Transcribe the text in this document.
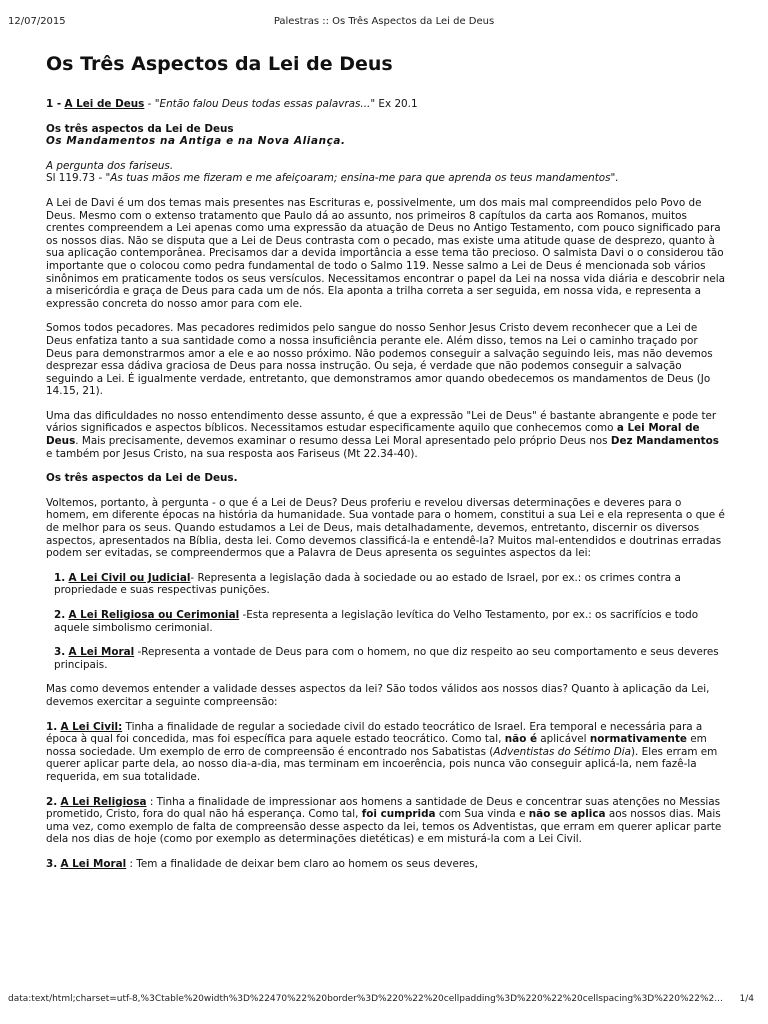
12/07/2015	Palestras :: Os Três Aspectos da Lei de Deus
Os Três Aspectos da Lei de Deus

1 - A Lei de Deus - "Então falou Deus todas essas palavras..." Ex 20.1

Os três aspectos da Lei de Deus
Os Mandamentos na Antiga e na Nova Aliança.

A pergunta dos fariseus.
Sl 119.73 - "As tuas mãos me fizeram e me afeiçoaram; ensina-me para que aprenda os teus mandamentos".

A Lei de Davi é um dos temas mais presentes nas Escrituras e, possivelmente, um dos mais mal compreendidos pelo Povo de Deus. Mesmo com o extenso tratamento que Paulo dá ao assunto, nos primeiros 8 capítulos da carta aos Romanos, muitos crentes compreendem a Lei apenas como uma expressão da atuação de Deus no Antigo Testamento, com pouco significado para os nossos dias. Não se disputa que a Lei de Deus contrasta com o pecado, mas existe uma atitude quase de desprezo, quanto à sua aplicação contemporânea. Precisamos dar a devida importância a esse tema tão precioso. O salmista Davi o o considerou tão importante que o colocou como pedra fundamental de todo o Salmo 119. Nesse salmo a Lei de Deus é mencionada sob vários sinônimos em praticamente todos os seus versículos. Necessitamos encontrar o papel da Lei na nossa vida diária e descobrir nela a misericórdia e graça de Deus para cada um de nós. Ela aponta a trilha correta a ser seguida, em nossa vida, e representa a expressão concreta do nosso amor para com ele.

Somos todos pecadores. Mas pecadores redimidos pelo sangue do nosso Senhor Jesus Cristo devem reconhecer que a Lei de Deus enfatiza tanto a sua santidade como a nossa insuficiência perante ele. Além disso, temos na Lei o caminho traçado por Deus para demonstrarmos amor a ele e ao nosso próximo. Não podemos conseguir a salvação seguindo leis, mas não devemos desprezar essa dádiva graciosa de Deus para nossa instrução. Ou seja, é verdade que não podemos conseguir a salvação seguindo a Lei. É igualmente verdade, entretanto, que demonstramos amor quando obedecemos os mandamentos de Deus (Jo 14.15, 21).

Uma das dificuldades no nosso entendimento desse assunto, é que a expressão "Lei de Deus" é bastante abrangente e pode ter vários significados e aspectos bíblicos. Necessitamos estudar especificamente aquilo que conhecemos como a Lei Moral de Deus. Mais precisamente, devemos examinar o resumo dessa Lei Moral apresentado pelo próprio Deus nos Dez Mandamentos e também por Jesus Cristo, na sua resposta aos Fariseus (Mt 22.34-40).

Os três aspectos da Lei de Deus.

Voltemos, portanto, à pergunta - o que é a Lei de Deus? Deus proferiu e revelou diversas determinações e deveres para o homem, em diferente épocas na história da humanidade. Sua vontade para o homem, constitui a sua Lei e ela representa o que é de melhor para os seus. Quando estudamos a Lei de Deus, mais detalhadamente, devemos, entretanto, discernir os diversos aspectos, apresentados na Bíblia, desta lei. Como devemos classificá-la e entendê-la? Muitos mal-entendidos e doutrinas erradas podem ser evitadas, se compreendermos que a Palavra de Deus apresenta os seguintes aspectos da lei:

1. A Lei Civil ou Judicial- Representa a legislação dada à sociedade ou ao estado de Israel, por ex.: os crimes contra a propriedade e suas respectivas punições.

2. A Lei Religiosa ou Cerimonial -Esta representa a legislação levítica do Velho Testamento, por ex.: os sacrifícios e todo aquele simbolismo cerimonial.

3. A Lei Moral -Representa a vontade de Deus para com o homem, no que diz respeito ao seu comportamento e seus deveres principais.

Mas como devemos entender a validade desses aspectos da lei? São todos válidos aos nossos dias? Quanto à aplicação da Lei, devemos exercitar a seguinte compreensão:

1. A Lei Civil: Tinha a finalidade de regular a sociedade civil do estado teocrático de Israel. Era temporal e necessária para a época à qual foi concedida, mas foi específica para aquele estado teocrático. Como tal, não é aplicável normativamente em nossa sociedade. Um exemplo de erro de compreensão é encontrado nos Sabatistas (Adventistas do Sétimo Dia). Eles erram em querer aplicar parte dela, ao nosso dia-a-dia, mas terminam em incoerência, pois nunca vão conseguir aplicá-la, nem fazê-la requerida, em sua totalidade.

2. A Lei Religiosa : Tinha a finalidade de impressionar aos homens a santidade de Deus e concentrar suas atenções no Messias prometido, Cristo, fora do qual não há esperança. Como tal, foi cumprida com Sua vinda e não se aplica aos nossos dias. Mais uma vez, como exemplo de falta de compreensão desse aspecto da lei, temos os Adventistas, que erram em querer aplicar parte dela nos dias de hoje (como por exemplo as determinações dietéticas) e em misturá-la com a Lei Civil.

3. A Lei Moral : Tem a finalidade de deixar bem claro ao homem os seus deveres,

data:text/html;charset=utf-8,%3Ctable%20width%3D%22470%22%20border%3D%220%22%20cellpadding%3D%220%22%20cellspacing%3D%220%22%2... 1/4
